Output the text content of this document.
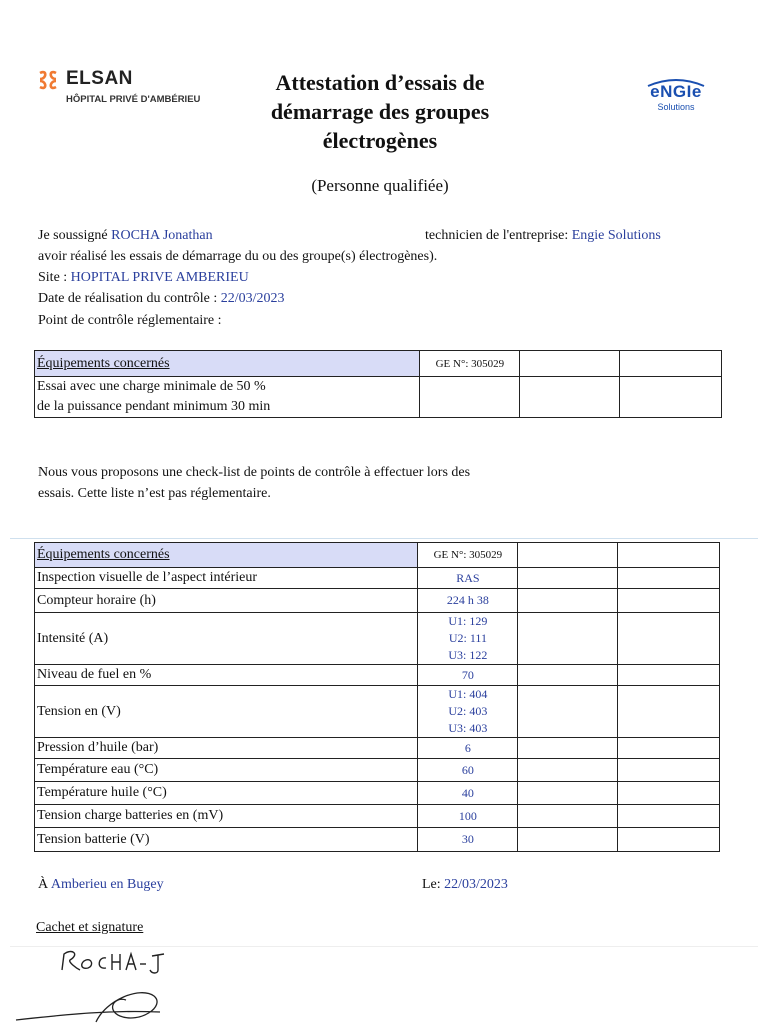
ELSAN
HÔPITAL PRIVÉ D'AMBÉRIEU
Attestation d’essais de
démarrage des groupes
électrogènes
(Personne qualifiée)
eNGIe
Solutions
Je soussigné ROCHA Jonathan	technicien de l'entreprise: Engie Solutions
avoir réalisé les essais de démarrage du ou des groupe(s) électrogènes).
Site : HOPITAL PRIVE AMBERIEU
Date de réalisation du contrôle : 22/03/2023
Point de contrôle réglementaire :
Équipements concernés	GE N°: 305029		

Essai avec une charge minimale de 50 %
de la puissance pendant minimum 30 min			

Nous vous proposons une check-list de points de contrôle à effectuer lors des
essais. Cette liste n’est pas réglementaire.
Équipements concernés	GE N°: 305029		
Inspection visuelle de l’aspect intérieur	RAS		
Compteur horaire (h)	224 h 38		
Intensité (A)	U1: 129
U2: 111
U3: 122		

Niveau de fuel en %	70		
Tension en (V)	U1: 404
U2: 403
U3: 403		

Pression d’huile (bar)	6		
Température eau (°C)	60		
Température huile (°C)	40		
Tension charge batteries en (mV)	100		
Tension batterie (V)	30		
À Amberieu en Bugey	Le: 22/03/2023
Cachet et signature
